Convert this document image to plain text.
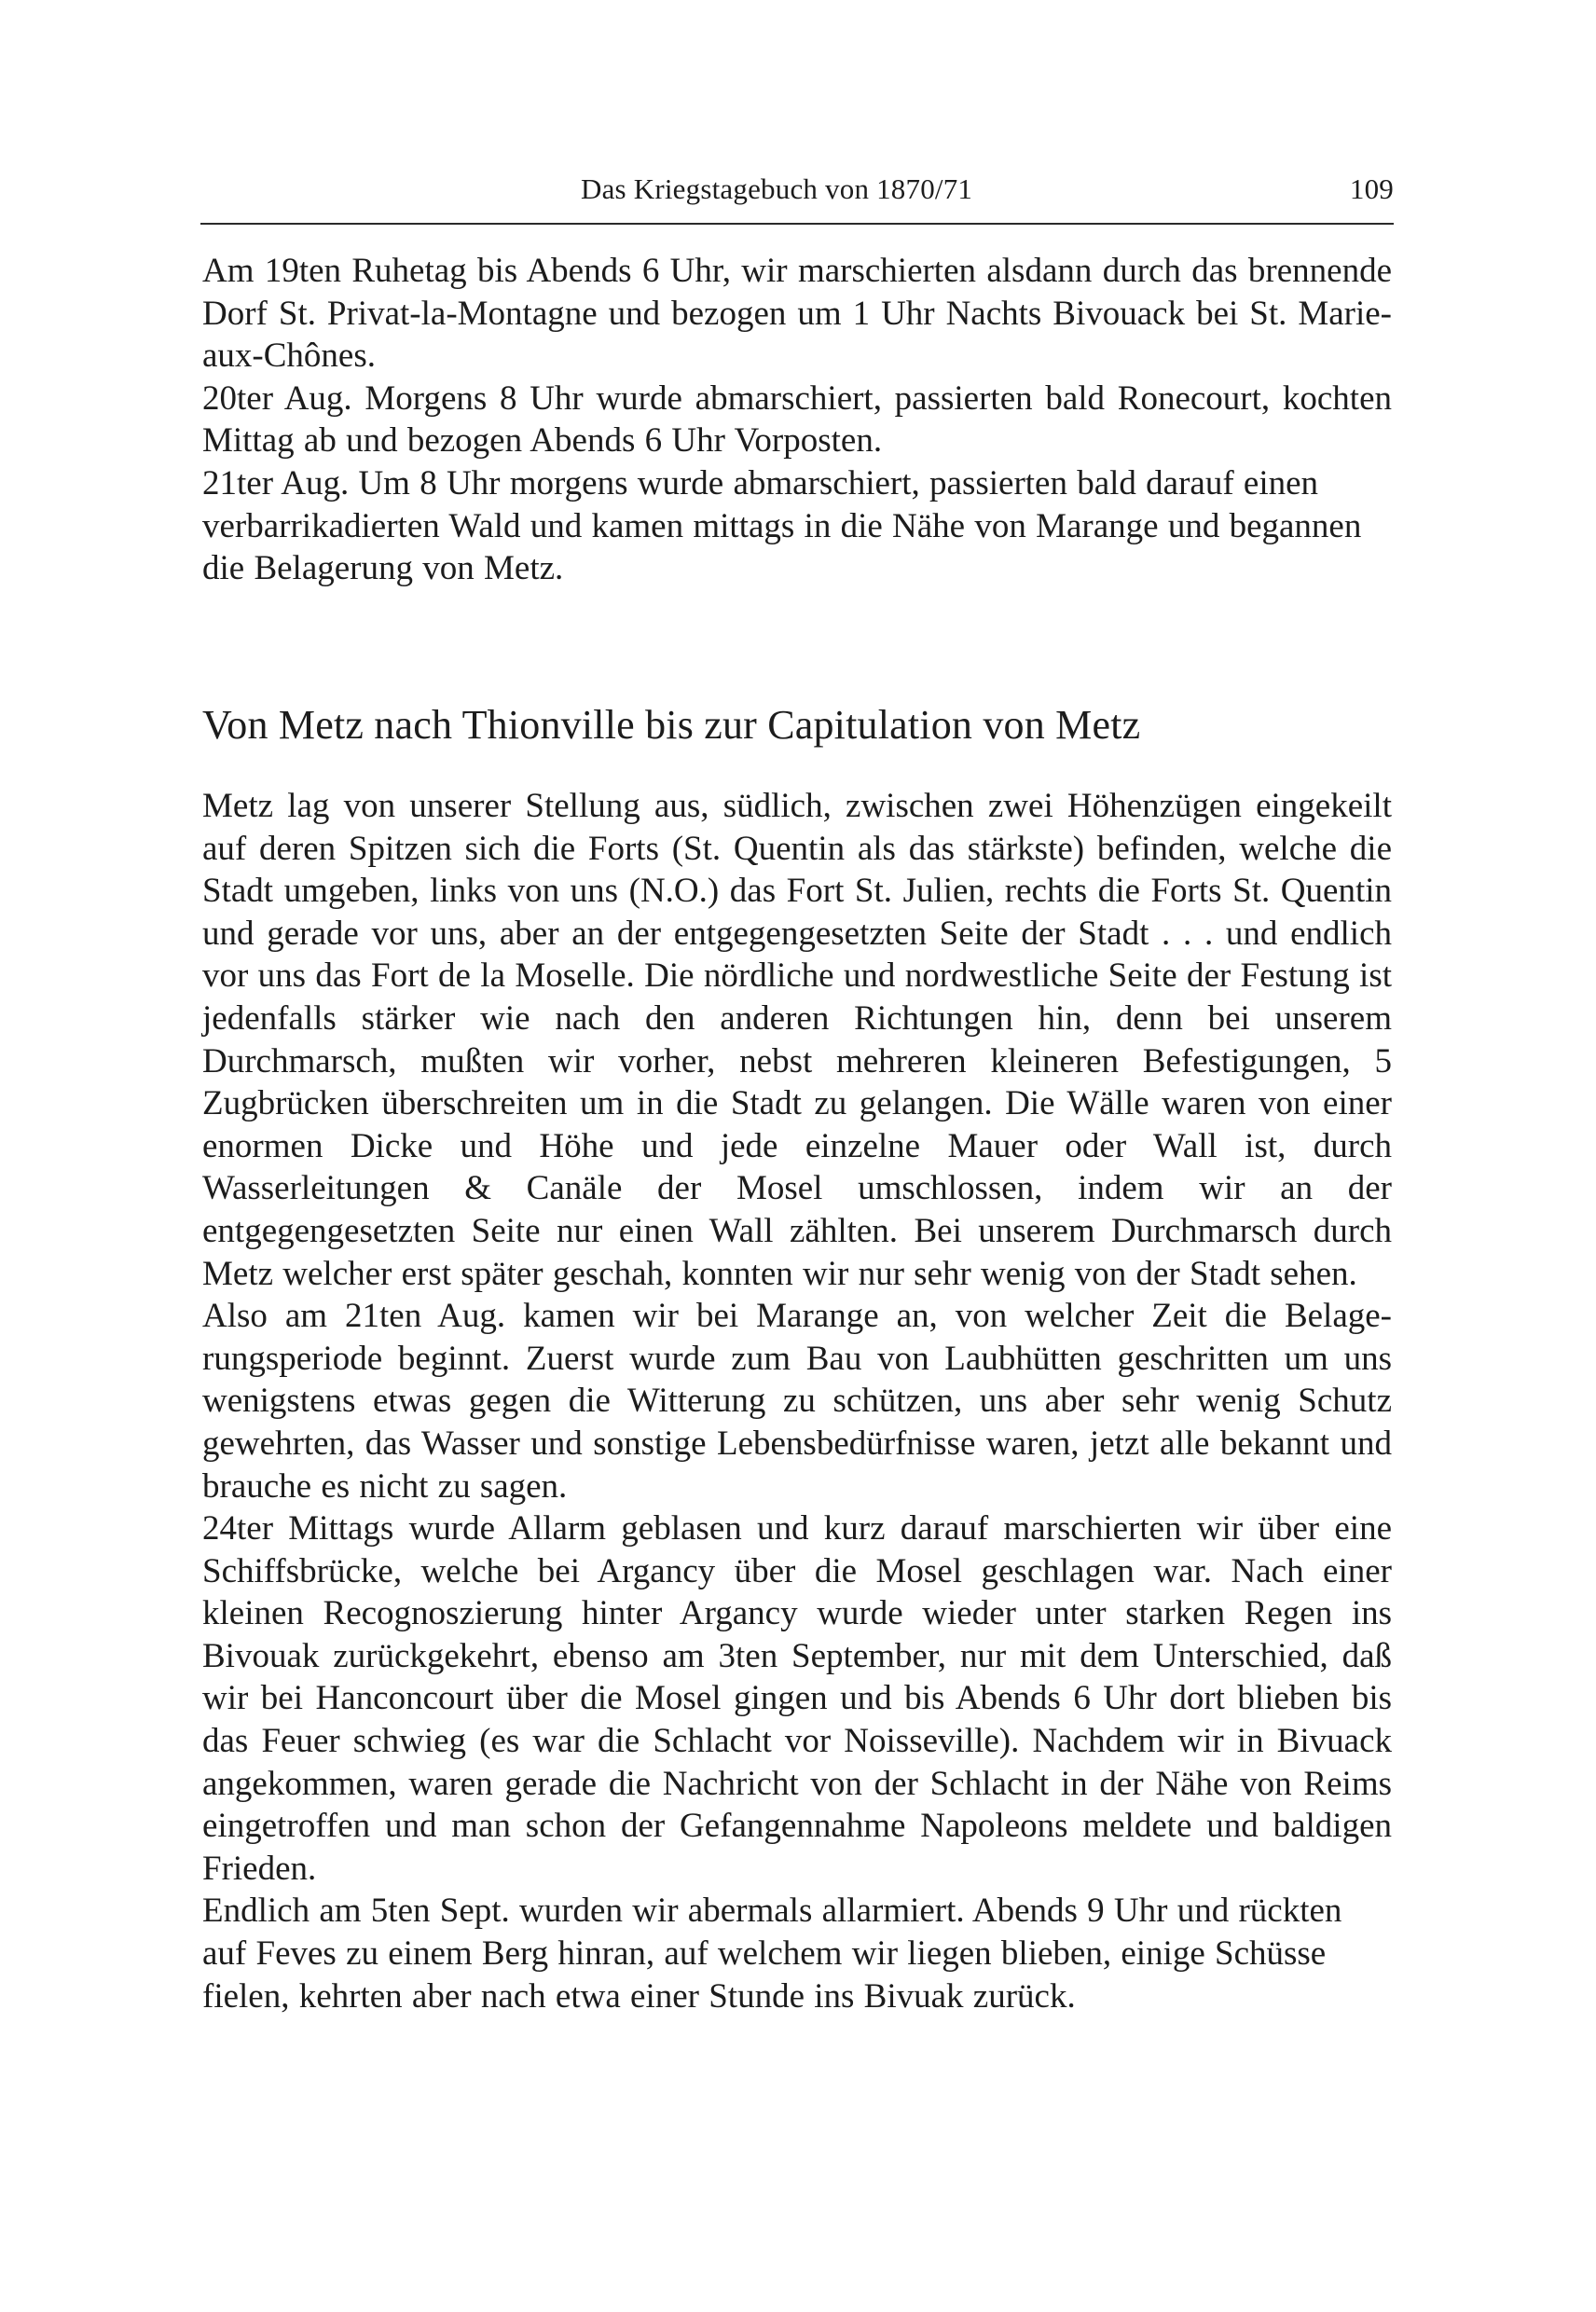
Das Kriegstagebuch von 1870/71	109

Am 19ten Ruhetag bis Abends 6 Uhr, wir marschierten alsdann durch das brennende Dorf St. Privat-la-Montagne und bezogen um 1 Uhr Nachts Bivouack bei St. Marie-aux-Chônes.

20ter Aug. Morgens 8 Uhr wurde abmarschiert, passierten bald Ronecourt, kochten Mittag ab und bezogen Abends 6 Uhr Vorposten.

21ter Aug. Um 8 Uhr morgens wurde abmarschiert, passierten bald darauf einen verbarrikadierten Wald und kamen mittags in die Nähe von Marange und begannen die Belagerung von Metz.

Von Metz nach Thionville bis zur Capitulation von Metz

Metz lag von unserer Stellung aus, südlich, zwischen zwei Höhenzügen eingekeilt auf deren Spitzen sich die Forts (St. Quentin als das stärkste) befinden, welche die Stadt umgeben, links von uns (N.O.) das Fort St. Julien, rechts die Forts St. Quentin und gerade vor uns, aber an der entgegengesetzten Seite der Stadt . . . und endlich vor uns das Fort de la Moselle. Die nördliche und nordwestliche Seite der Festung ist jedenfalls stärker wie nach den anderen Richtungen hin, denn bei unserem Durchmarsch, mußten wir vorher, nebst mehreren kleineren Befestigungen, 5 Zugbrücken überschreiten um in die Stadt zu gelangen. Die Wälle waren von einer enormen Dicke und Höhe und jede einzelne Mauer oder Wall ist, durch Wasserleitungen & Canäle der Mosel umschlossen, indem wir an der entgegengesetzten Seite nur einen Wall zählten. Bei unserem Durchmarsch durch Metz welcher erst später geschah, konnten wir nur sehr wenig von der Stadt sehen.

Also am 21ten Aug. kamen wir bei Marange an, von welcher Zeit die Belagerungsperiode beginnt. Zuerst wurde zum Bau von Laubhütten geschritten um uns wenigstens etwas gegen die Witterung zu schützen, uns aber sehr wenig Schutz gewehrten, das Wasser und sonstige Lebensbedürfnisse waren, jetzt alle bekannt und brauche es nicht zu sagen.

24ter Mittags wurde Allarm geblasen und kurz darauf marschierten wir über eine Schiffsbrücke, welche bei Argancy über die Mosel geschlagen war. Nach einer kleinen Recognoszierung hinter Argancy wurde wieder unter starken Regen ins Bivouak zurückgekehrt, ebenso am 3ten September, nur mit dem Unterschied, daß wir bei Hanconcourt über die Mosel gingen und bis Abends 6 Uhr dort blieben bis das Feuer schwieg (es war die Schlacht vor Noisseville). Nachdem wir in Bivuack angekommen, waren gerade die Nachricht von der Schlacht in der Nähe von Reims eingetroffen und man schon der Gefangennahme Napoleons meldete und baldigen Frieden.

Endlich am 5ten Sept. wurden wir abermals allarmiert. Abends 9 Uhr und rückten auf Feves zu einem Berg hinran, auf welchem wir liegen blieben, einige Schüsse fielen, kehrten aber nach etwa einer Stunde ins Bivuak zurück.
